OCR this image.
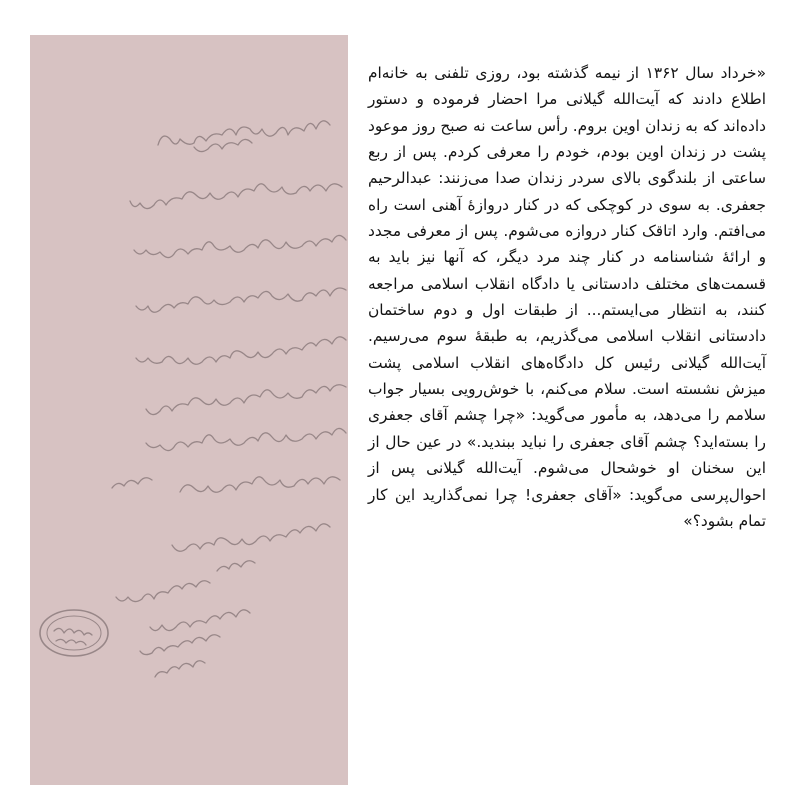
«خرداد سال ۱۳۶۲ از نیمه گذشته بود، روزی تلفنی به خانه‌ام اطلاع دادند که آیت‌الله گیلانی مرا احضار فرموده و دستور داده‌اند که به زندان اوین بروم. رأس ساعت نه صبح روز موعود پشت در زندان اوین بودم، خودم را معرفی کردم. پس از ربع ساعتی از بلندگوی بالای سردر زندان صدا می‌زنند: عبدالرحیم جعفری. به سوی در کوچکی که در کنار دروازهٔ آهنی است راه می‌افتم. وارد اتاقک کنار دروازه می‌شوم. پس از معرفی مجدد و ارائهٔ شناسنامه در کنار چند مرد دیگر، که آنها نیز باید به قسمت‌های مختلف دادستانی یا دادگاه انقلاب اسلامی مراجعه کنند، به انتظار می‌ایستم... از طبقات اول و دوم ساختمان دادستانی انقلاب اسلامی می‌گذریم، به طبقهٔ سوم می‌رسیم. آیت‌الله گیلانی رئیس کل دادگاه‌های انقلاب اسلامی پشت میزش نشسته است. سلام می‌کنم، با خوش‌رویی بسیار جواب سلامم را می‌دهد، به مأمور می‌گوید: «چرا چشم آقای جعفری را بسته‌اید؟ چشم آقای جعفری را نباید ببندید.» در عین حال از این سخنان او خوشحال می‌شوم. آیت‌الله گیلانی پس از احوال‌پرسی می‌گوید: «آقای جعفری! چرا نمی‌گذارید این کار تمام بشود؟»
